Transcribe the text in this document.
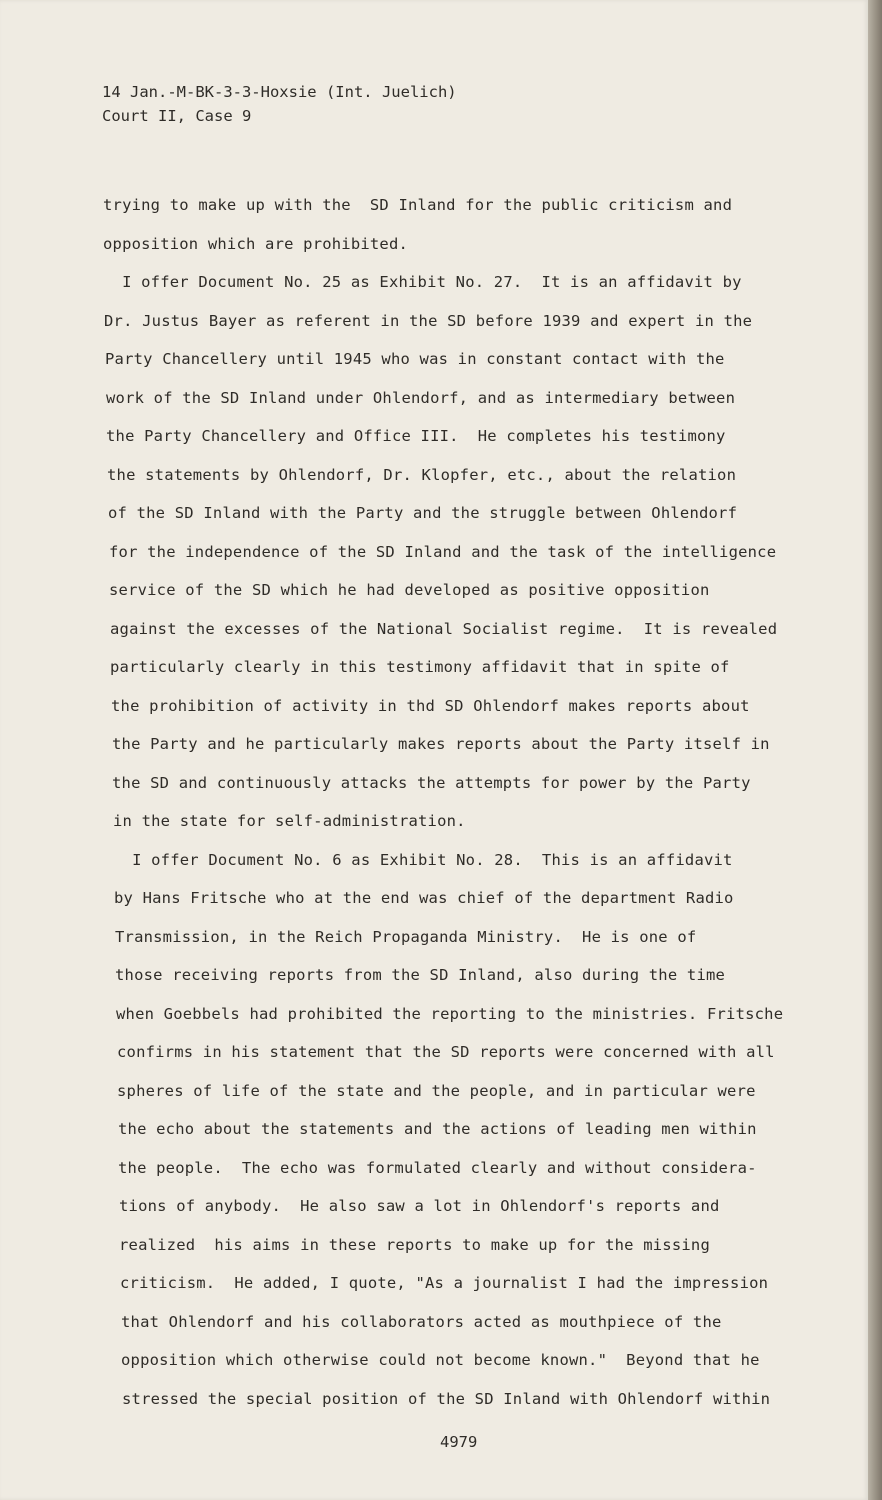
14 Jan.-M-BK-3-3-Hoxsie (Int. Juelich)
Court II, Case 9
trying to make up with the  SD Inland for the public criticism and
opposition which are prohibited.
I offer Document No. 25 as Exhibit No. 27.  It is an affidavit by
Dr. Justus Bayer as referent in the SD before 1939 and expert in the
Party Chancellery until 1945 who was in constant contact with the
work of the SD Inland under Ohlendorf, and as intermediary between
the Party Chancellery and Office III.  He completes his testimony
the statements by Ohlendorf, Dr. Klopfer, etc., about the relation
of the SD Inland with the Party and the struggle between Ohlendorf
for the independence of the SD Inland and the task of the intelligence
service of the SD which he had developed as positive opposition
against the excesses of the National Socialist regime.  It is revealed
particularly clearly in this testimony affidavit that in spite of
the prohibition of activity in thd SD Ohlendorf makes reports about
the Party and he particularly makes reports about the Party itself in
the SD and continuously attacks the attempts for power by the Party
in the state for self-administration.
I offer Document No. 6 as Exhibit No. 28.  This is an affidavit
by Hans Fritsche who at the end was chief of the department Radio
Transmission, in the Reich Propaganda Ministry.  He is one of
those receiving reports from the SD Inland, also during the time
when Goebbels had prohibited the reporting to the ministries. Fritsche
confirms in his statement that the SD reports were concerned with all
spheres of life of the state and the people, and in particular were
the echo about the statements and the actions of leading men within
the people.  The echo was formulated clearly and without considera-
tions of anybody.  He also saw a lot in Ohlendorf's reports and
realized  his aims in these reports to make up for the missing
criticism.  He added, I quote, "As a journalist I had the impression
that Ohlendorf and his collaborators acted as mouthpiece of the
opposition which otherwise could not become known."  Beyond that he
stressed the special position of the SD Inland with Ohlendorf within
4979
